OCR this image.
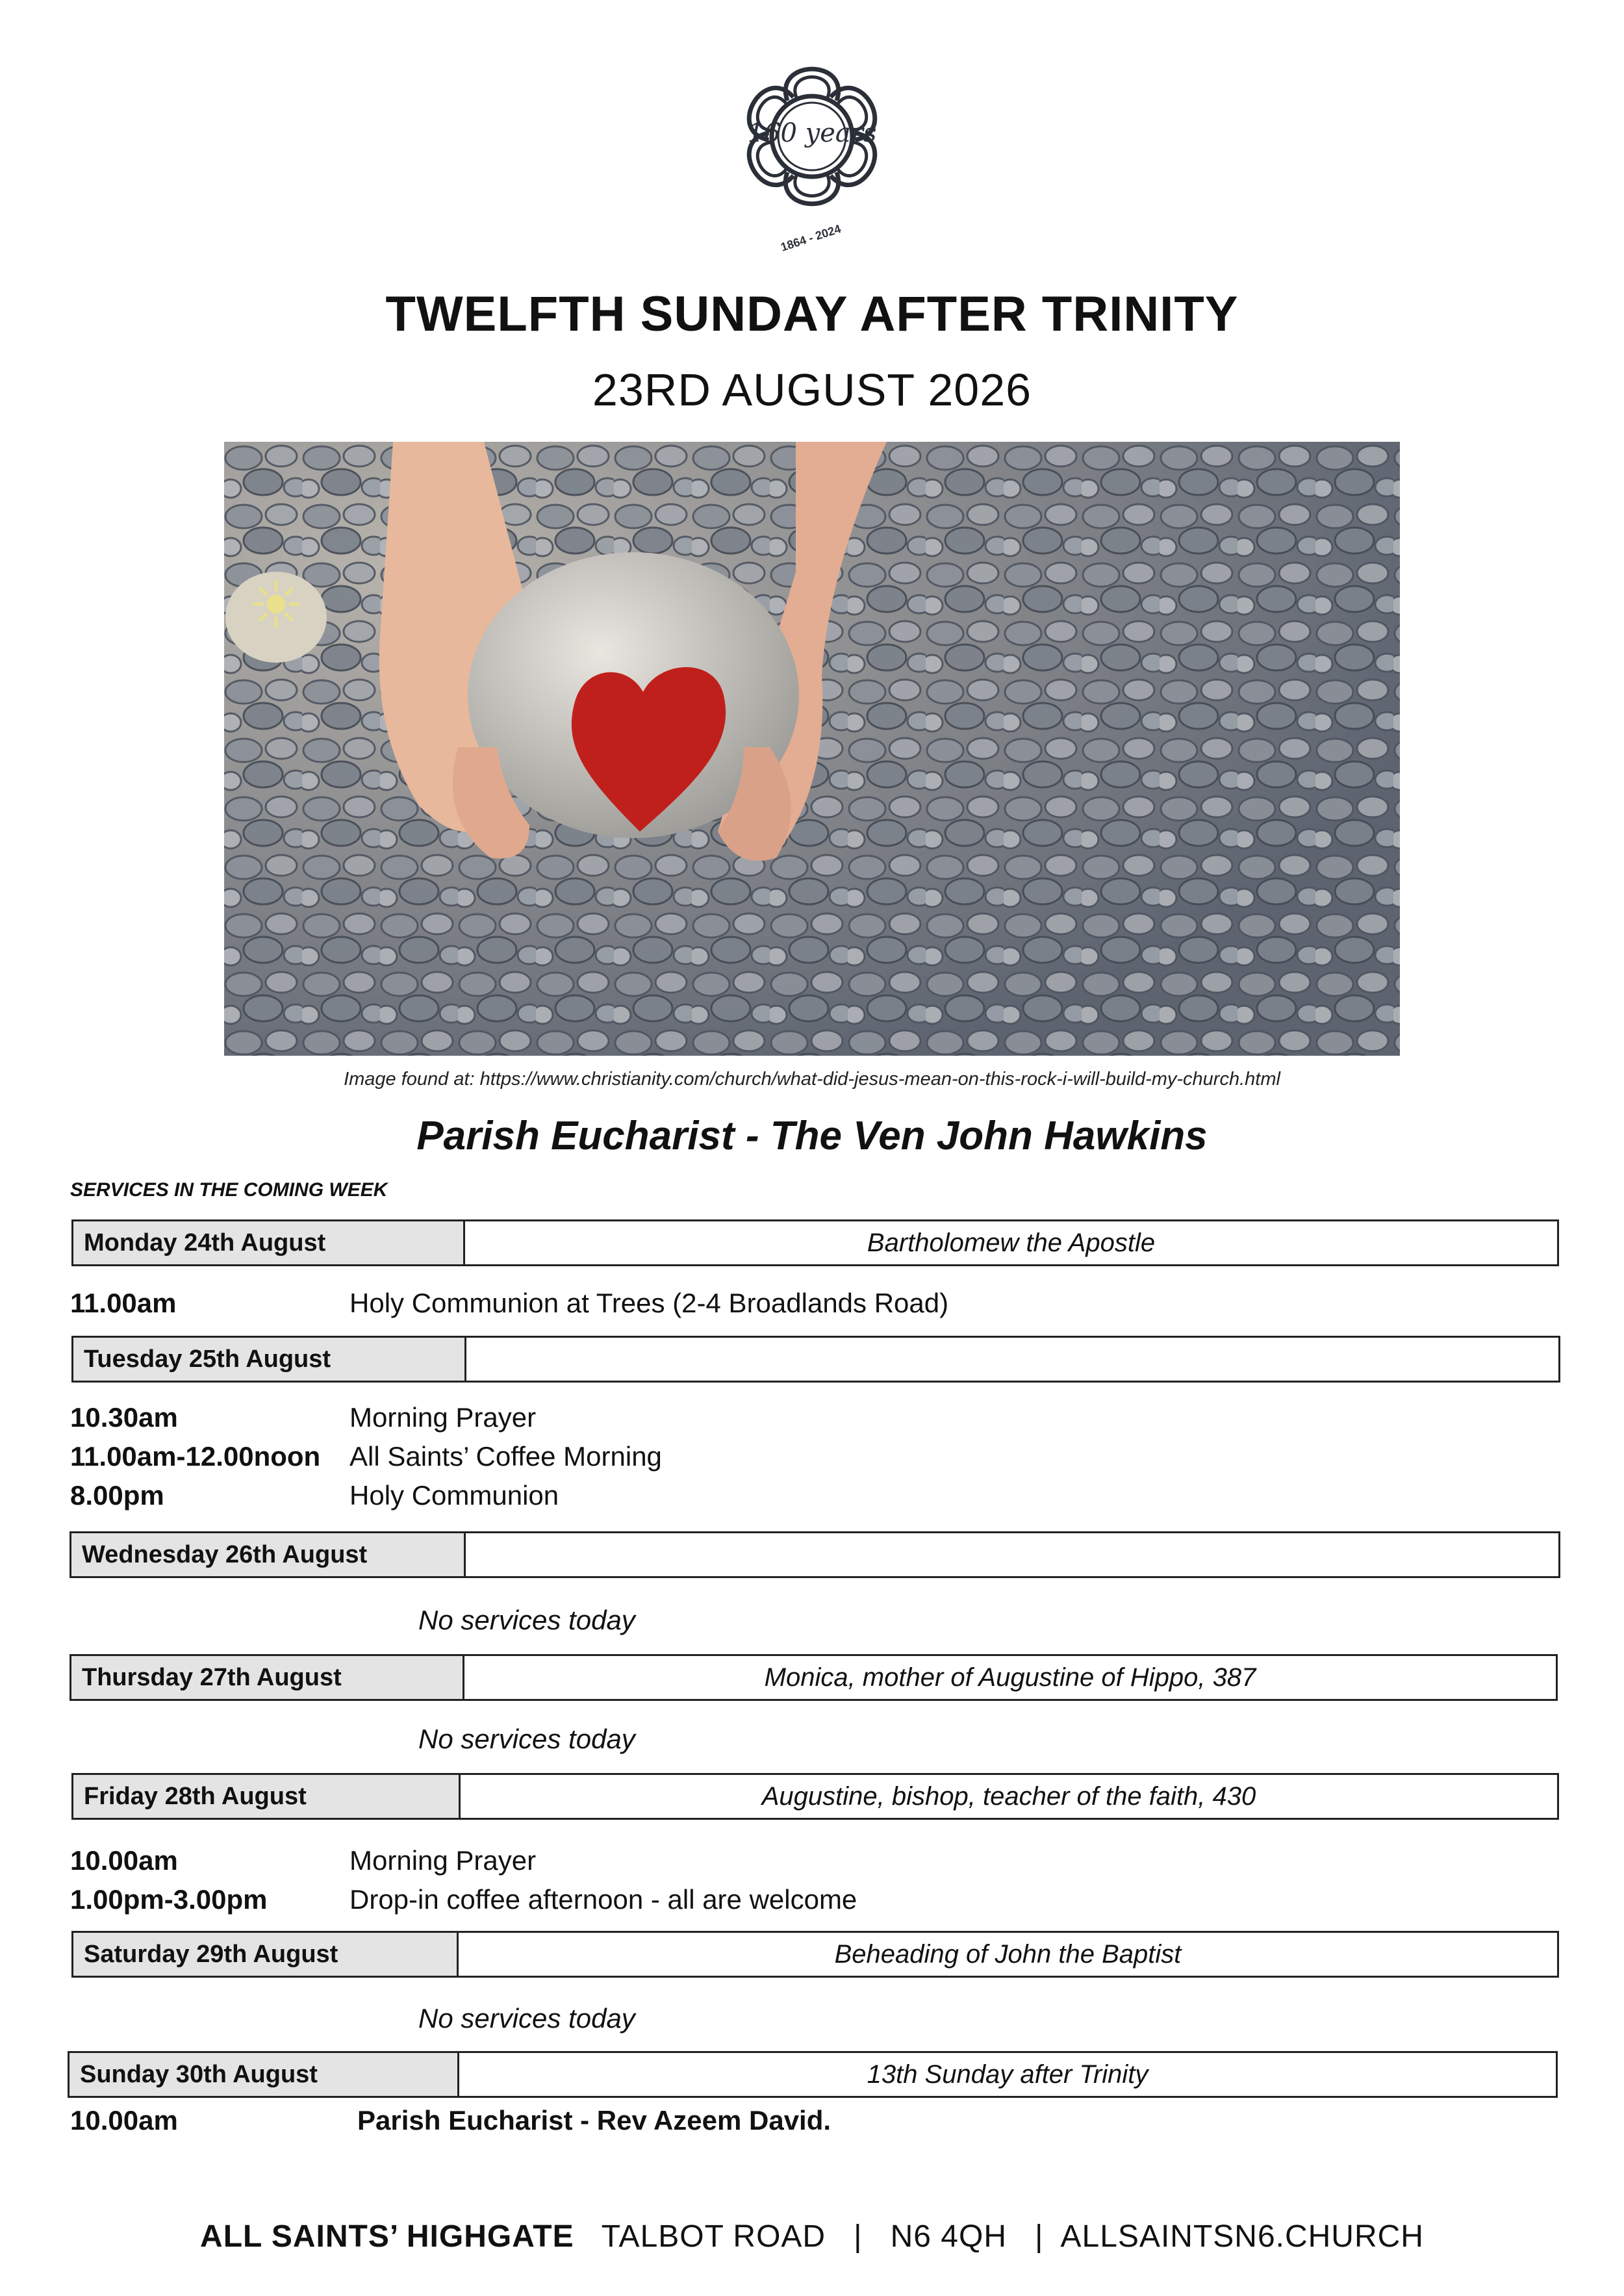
160 years
1864 - 2024
TWELFTH SUNDAY AFTER TRINITY
23RD AUGUST 2026
Image found at: https://www.christianity.com/church/what-did-jesus-mean-on-this-rock-i-will-build-my-church.html
Parish Eucharist - The Ven John Hawkins
SERVICES IN THE COMING WEEK
Monday 24th August	Bartholomew the Apostle
11.00am	Holy Communion at Trees (2-4 Broadlands Road)
Tuesday 25th August
10.30am	Morning Prayer
11.00am-12.00noon All Saints’ Coffee Morning
8.00pm	Holy Communion
Wednesday 26th August
No services today
Thursday 27th August	Monica, mother of Augustine of Hippo, 387
No services today
Friday 28th August	Augustine, bishop, teacher of the faith, 430
10.00am	Morning Prayer
1.00pm-3.00pm	Drop-in coffee afternoon - all are welcome
Saturday 29th August	Beheading of John the Baptist
No services today
Sunday 30th August	13th Sunday after Trinity
10.00am	Parish Eucharist - Rev Azeem David.
ALL SAINTS’ HIGHGATE TALBOT ROAD | N6 4QH | ALLSAINTSN6.CHURCH
